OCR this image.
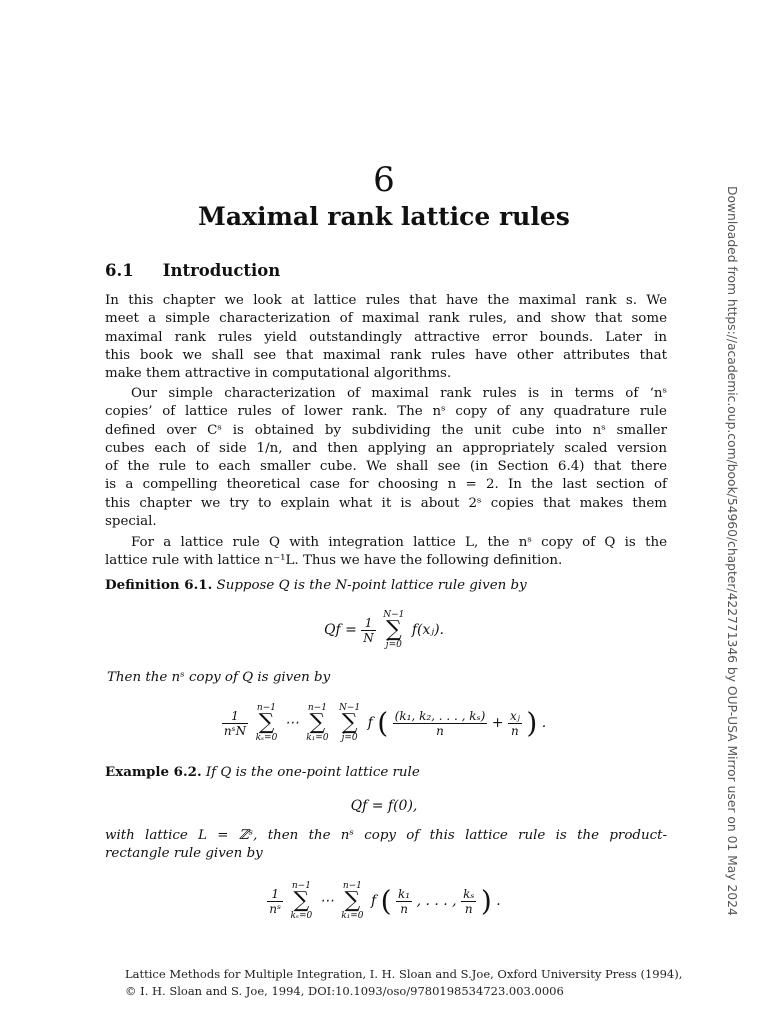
6
Maximal rank lattice rules
6.1 Introduction
In this chapter we look at lattice rules that have the maximal rank s. We
meet a simple characterization of maximal rank rules, and show that some
maximal rank rules yield outstandingly attractive error bounds. Later in
this book we shall see that maximal rank rules have other attributes that
make them attractive in computational algorithms.
Our simple characterization of maximal rank rules is in terms of ‘nˢ
copies’ of lattice rules of lower rank. The nˢ copy of any quadrature rule
defined over Cˢ is obtained by subdividing the unit cube into nˢ smaller
cubes each of side 1/n, and then applying an appropriately scaled version
of the rule to each smaller cube. We shall see (in Section 6.4) that there
is a compelling theoretical case for choosing n = 2. In the last section of
this chapter we try to explain what it is about 2ˢ copies that makes them
special.
For a lattice rule Q with integration lattice L, the nˢ copy of Q is the
lattice rule with lattice n⁻¹L. Thus we have the following definition.
Definition 6.1. Suppose Q is the N-point lattice rule given by
$Qf = \frac{1}{N}$
N−1
∑
j=0 f(xⱼ).
Then the nˢ copy of Q is given by
$\frac{1}{\text{nˢN}}$
n−1
∑
kₛ=0 ⋯ n−1
∑
k₁=0 N−1
∑
j=0 f ( $\frac{\text{(k₁, k₂, . . . , kₛ)}}{n} + \frac{\text{xⱼ}}{n}$ ) .
Example 6.2. If Q is the one-point lattice rule
Qf = f(0),
with lattice L = ℤˢ, then the nˢ copy of this lattice rule is the product-
rectangle rule given by
$\frac{1}{\text{nˢ}}$
n−1
∑
kₛ=0 ⋯ n−1
∑
k₁=0 f ( $\frac{\text{k₁}}{n}$ , . . . , $\frac{\text{kₛ}}{n}$ ) .
Lattice Methods for Multiple Integration, I. H. Sloan and S.Joe, Oxford University Press (1994),
© I. H. Sloan and S. Joe, 1994, DOI:10.1093/oso/9780198534723.003.0006
Downloaded from https://academic.oup.com/book/54960/chapter/422771346 by OUP-USA Mirror user on 01 May 2024
